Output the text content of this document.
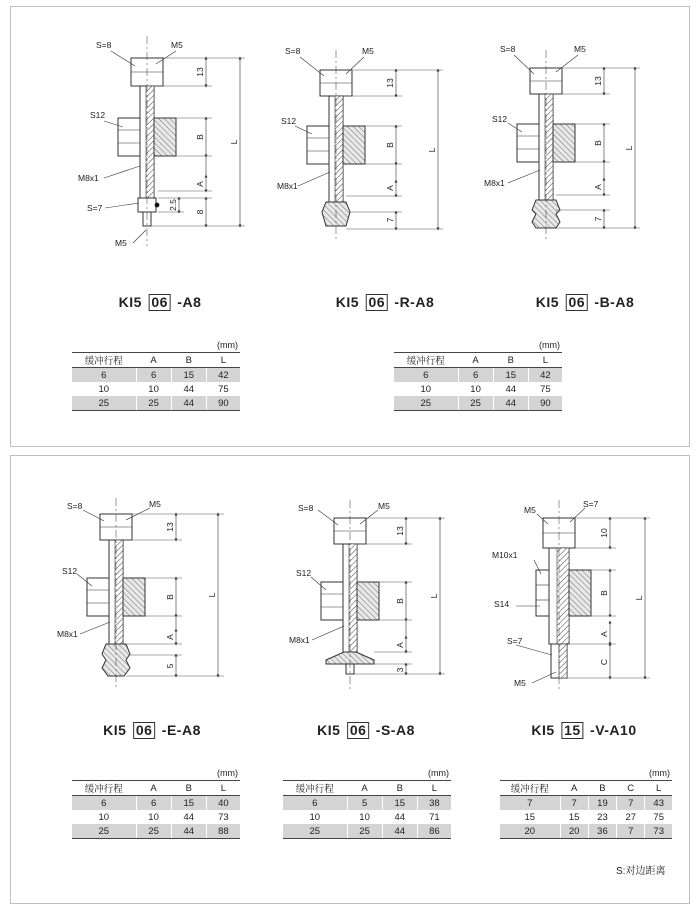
S=8	M5
S12
M8x1
S=7
M5
13
B
A
2.5
8
L
S=8	M5
S12
M8x1
13
B
A
7
L
S=8	M5
S12
M8x1
13
B
A
7
L
S=8	M5
S12
M8x1
13
B
A
5
L
S=8	M5
S12
M8x1
13
B
A
3
L
M5
S=7
M10x1
S14
S=7
M5
10
B
A
C
L
KI5 06 -A8	KI5 06 -R-A8	KI5 06 -B-A8
KI5 06 -E-A8	KI5 06 -S-A8	KI5 15 -V-A10
(mm)			
缓冲行程	A	B	L
6	6	15	42
10	10	44	75
25	25	44	90
(mm)			
缓冲行程	A	B	L
6	6	15	42
10	10	44	75
25	25	44	90
(mm)			
缓冲行程	A	B	L
6	6	15	40
10	10	44	73
25	25	44	88
(mm)			
缓冲行程	A	B	L
6	5	15	38
10	10	44	71
25	25	44	86
(mm)				
缓冲行程	A	B	C	L
7	7	19	7	43
15	15	23	27	75
20	20	36	7	73
S:对边距离
